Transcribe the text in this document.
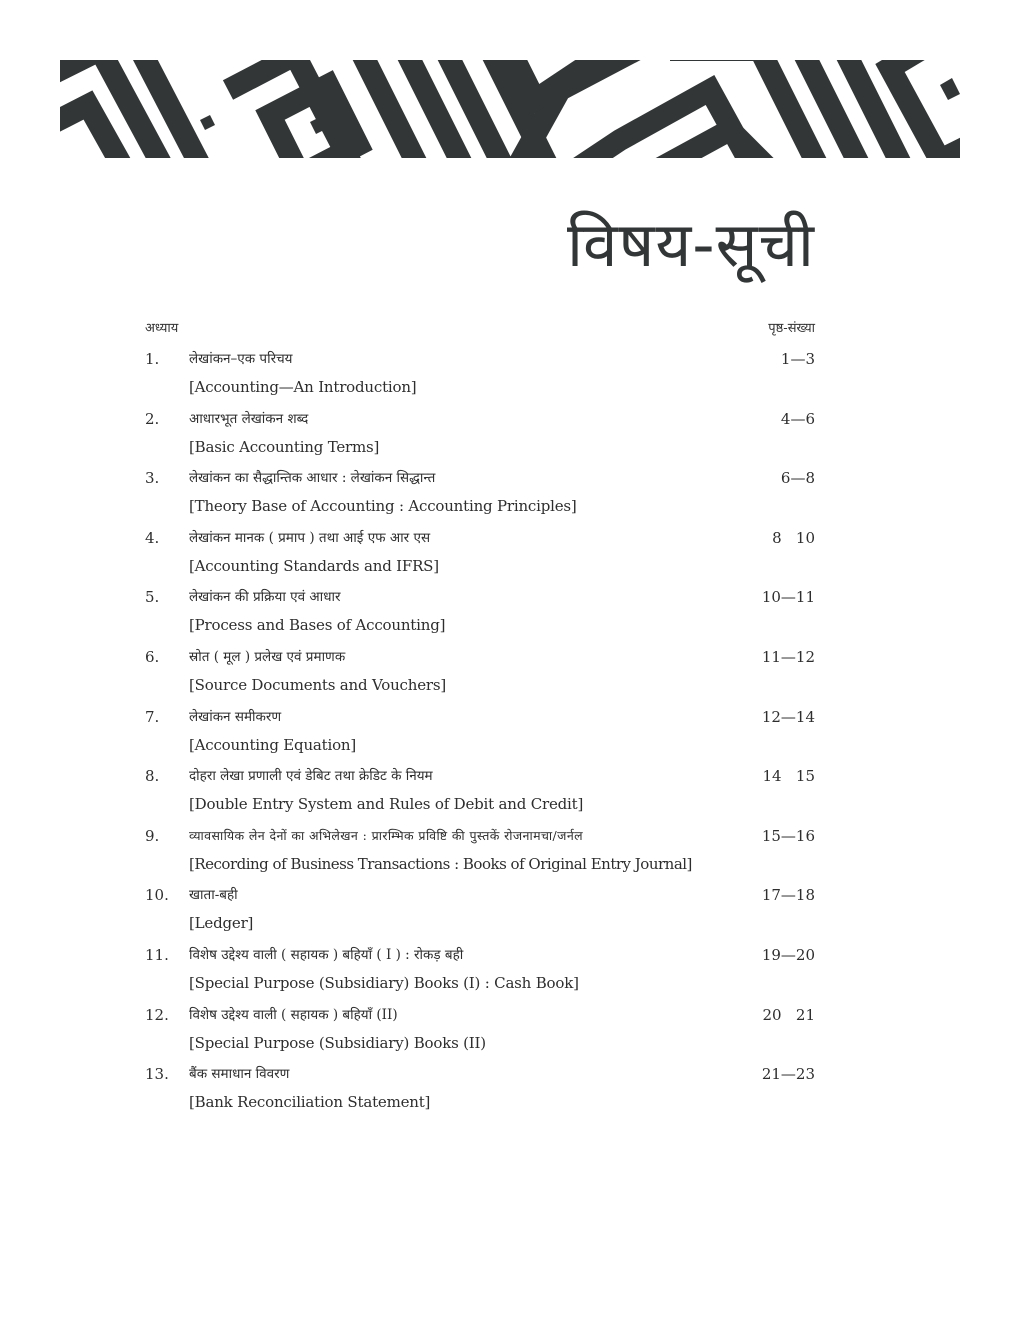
विषय-सूची
अध्याय	पृष्ठ-संख्या
1. लेखांकन–एक परिचय
[Accounting—An Introduction]
1—3
2. आधारभूत लेखांकन शब्द
[Basic Accounting Terms]
4—6
3. लेखांकन का सैद्धान्तिक आधार : लेखांकन सिद्धान्त
[Theory Base of Accounting : Accounting Principles]
6—8
4. लेखांकन मानक ( प्रमाप ) तथा आई एफ आर एस
[Accounting Standards and IFRS]
8   10
5. लेखांकन की प्रक्रिया एवं आधार
[Process and Bases of Accounting]
10—11
6. स्रोत ( मूल ) प्रलेख एवं प्रमाणक
[Source Documents and Vouchers]
11—12
7. लेखांकन समीकरण
[Accounting Equation]
12—14
8. दोहरा लेखा प्रणाली एवं डेबिट तथा क्रेडिट के नियम
[Double Entry System and Rules of Debit and Credit]
14   15
9. व्यावसायिक लेन देनों का अभिलेखन : प्रारम्भिक प्रविष्टि की पुस्तकें रोजनामचा/जर्नल
[Recording of Business Transactions : Books of Original Entry Journal]
15—16
10. खाता-बही
[Ledger]
17—18
11. विशेष उद्देश्य वाली ( सहायक ) बहियाँ ( I ) : रोकड़ बही
[Special Purpose (Subsidiary) Books (I) : Cash Book]
19—20
12. विशेष उद्देश्य वाली ( सहायक ) बहियाँ (II)
[Special Purpose (Subsidiary) Books (II)
20   21
13. बैंक समाधान विवरण
[Bank Reconciliation Statement]
21—23
